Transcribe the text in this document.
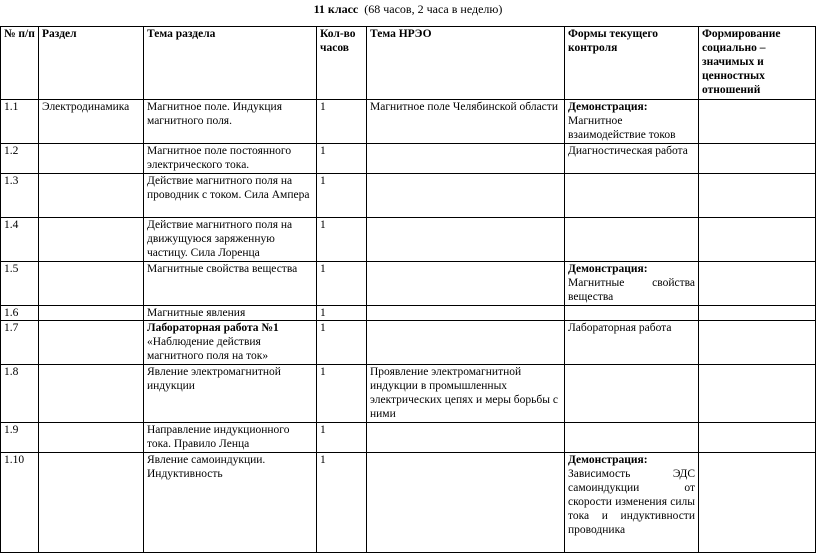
11 класс (68 часов, 2 часа в неделю)
№ п/п	Раздел	Тема раздела	Кол-во часов	Тема НРЭО	Формы текущего контроля	Формирование социально – значимых и ценностных отношений
1.1	Электродинамика	Магнитное поле. Индукция магнитного поля.	1	Магнитное поле Челябинской области	Демонстрация:
Магнитное взаимодействие токов	

1.2		Магнитное поле постоянного электрического тока.	1		Диагностическая работа	

1.3		Действие магнитного поля на проводник с током. Сила Ампера	1		

1.4		Действие магнитного поля на движущуюся заряженную частицу. Сила Лоренца	1		

1.5		Магнитные свойства вещества	1		Демонстрация:
Магнитные свойства вещества	

1.6		Магнитные явления	1		

1.7		Лабораторная работа №1
«Наблюдение действия магнитного поля на ток»	1		Лабораторная работа	

1.8		Явление электромагнитной индукции	1	Проявление электромагнитной индукции в промышленных электрических цепях и меры борьбы с ними	

1.9		Направление индукционного тока. Правило Ленца	1		

1.10		Явление самоиндукции. Индуктивность	1		Демонстрация:
Зависимость ЭДС самоиндукции от скорости изменения силы тока и индуктивности проводника	
